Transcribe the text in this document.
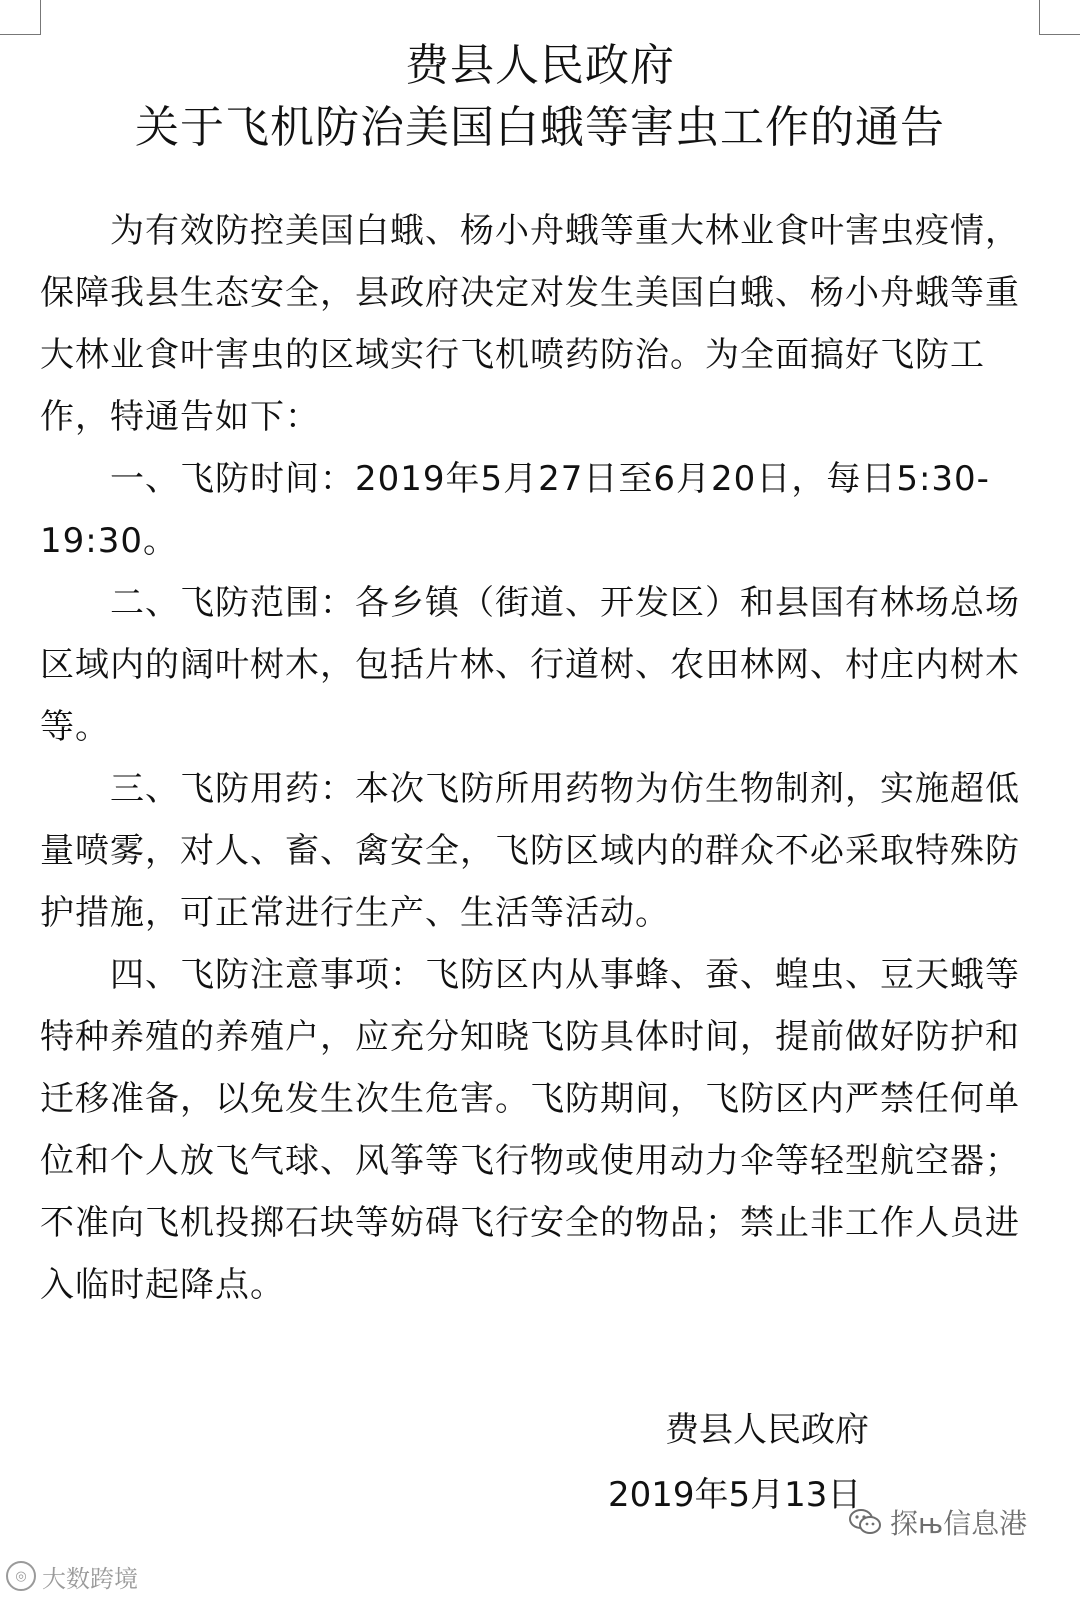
费县人民政府
关于飞机防治美国白蛾等害虫工作的通告

为有效防控美国白蛾、杨小舟蛾等重大林业食叶害虫疫情，保障我县生态安全，县政府决定对发生美国白蛾、杨小舟蛾等重大林业食叶害虫的区域实行飞机喷药防治。为全面搞好飞防工作，特通告如下：

一、飞防时间：2019年5月27日至6月20日，每日5:30-19:30。

二、飞防范围：各乡镇（街道、开发区）和县国有林场总场区域内的阔叶树木，包括片林、行道树、农田林网、村庄内树木等。

三、飞防用药：本次飞防所用药物为仿生物制剂，实施超低量喷雾，对人、畜、禽安全，飞防区域内的群众不必采取特殊防护措施，可正常进行生产、生活等活动。

四、飞防注意事项：飞防区内从事蜂、蚕、蝗虫、豆天蛾等特种养殖的养殖户，应充分知晓飞防具体时间，提前做好防护和迁移准备，以免发生次生危害。飞防期间，飞防区内严禁任何单位和个人放飞气球、风筝等飞行物或使用动力伞等轻型航空器；不准向飞机投掷石块等妨碍飞行安全的物品；禁止非工作人员进入临时起降点。

费县人民政府
2019年5月13日
◎ 大数跨境
探њ信息港
